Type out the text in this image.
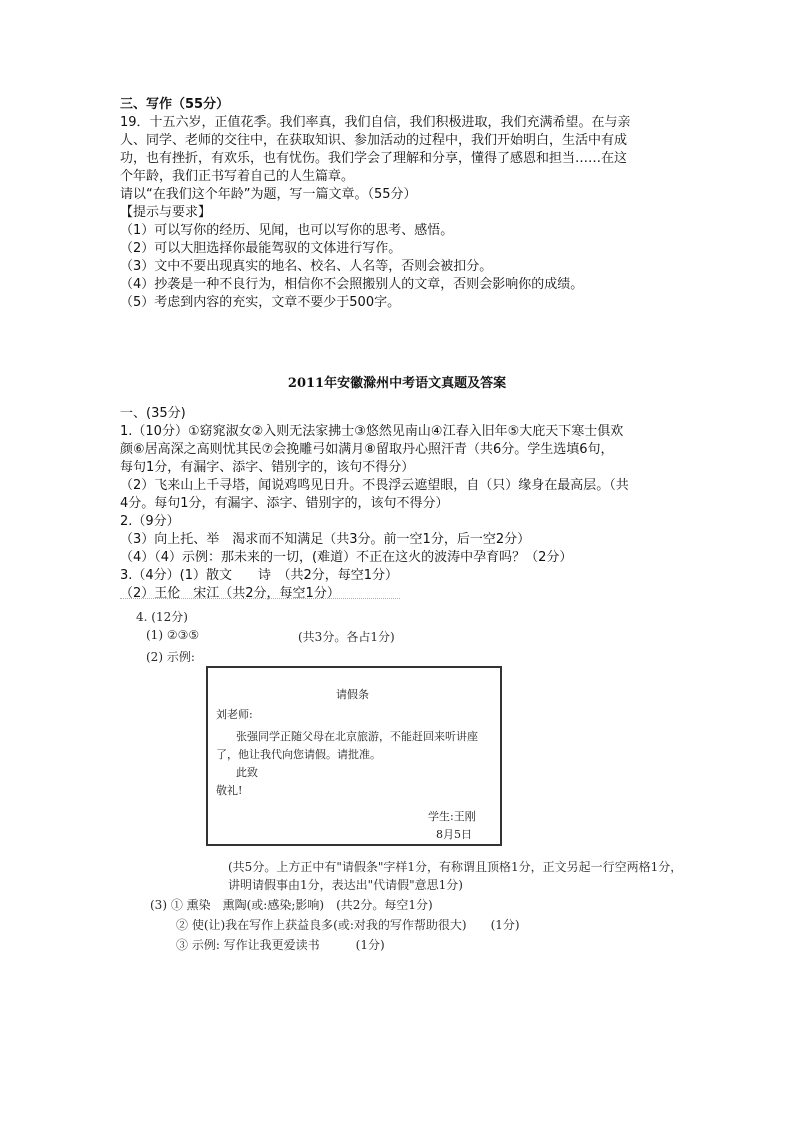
三、写作（55分）

19．十五六岁，正值花季。我们率真，我们自信，我们积极进取，我们充满希望。在与亲

人、同学、老师的交往中，在获取知识、参加活动的过程中，我们开始明白，生活中有成

功，也有挫折，有欢乐，也有忧伤。我们学会了理解和分享，懂得了感恩和担当……在这

个年龄，我们正书写着自己的人生篇章。

请以“在我们这个年龄”为题，写一篇文章。（55分）

【提示与要求】

（1）可以写你的经历、见闻，也可以写你的思考、感悟。

（2）可以大胆选择你最能驾驭的文体进行写作。

（3）文中不要出现真实的地名、校名、人名等，否则会被扣分。

（4）抄袭是一种不良行为，相信你不会照搬别人的文章，否则会影响你的成绩。

（5）考虑到内容的充实，文章不要少于500字。

2011年安徽滁州中考语文真题及答案

一、(35分)

1.（10分）①窈窕淑女②入则无法家拂士③悠然见南山④江春入旧年⑤大庇天下寒士俱欢

颜⑥居高深之高则忧其民⑦会挽雕弓如满月⑧留取丹心照汗青（共6分。学生选填6句，

每句1分，有漏字、添字、错别字的，该句不得分）

（2）飞来山上千寻塔，闻说鸡鸣见日升。不畏浮云遮望眼，自（只）缘身在最高层。（共

4分。每句1分，有漏字、添字、错别字的，该句不得分）

2.（9分）

（3）向上托、举　渴求而不知满足（共3分。前一空1分，后一空2分）

（4）（4）示例：那未来的一切，(难道）不正在这火的波涛中孕育吗？（2分）

3.（4分）(1）散文　　诗　（共2分，每空1分）

（2）王伦　宋江（共2分，每空1分）

4. (12分)
(1) ②③⑤	(共3分。各占1分)
(2) 示例:
请假条
刘老师:
张强同学正随父母在北京旅游，不能赶回来听讲座
了，他让我代向您请假。请批准。
此致
敬礼!
学生:王刚
8月5日
(共5分。上方正中有"请假条"字样1分，有称谓且顶格1分，正文另起一行空两格1分，
讲明请假事由1分，表达出"代请假"意思1分)
(3) ① 熏染　熏陶(或:感染;影响)　(共2分。每空1分)
② 使(让)我在写作上获益良多(或:对我的写作帮助很大)　　(1分)
③ 示例: 写作让我更爱读书　　　(1分)
